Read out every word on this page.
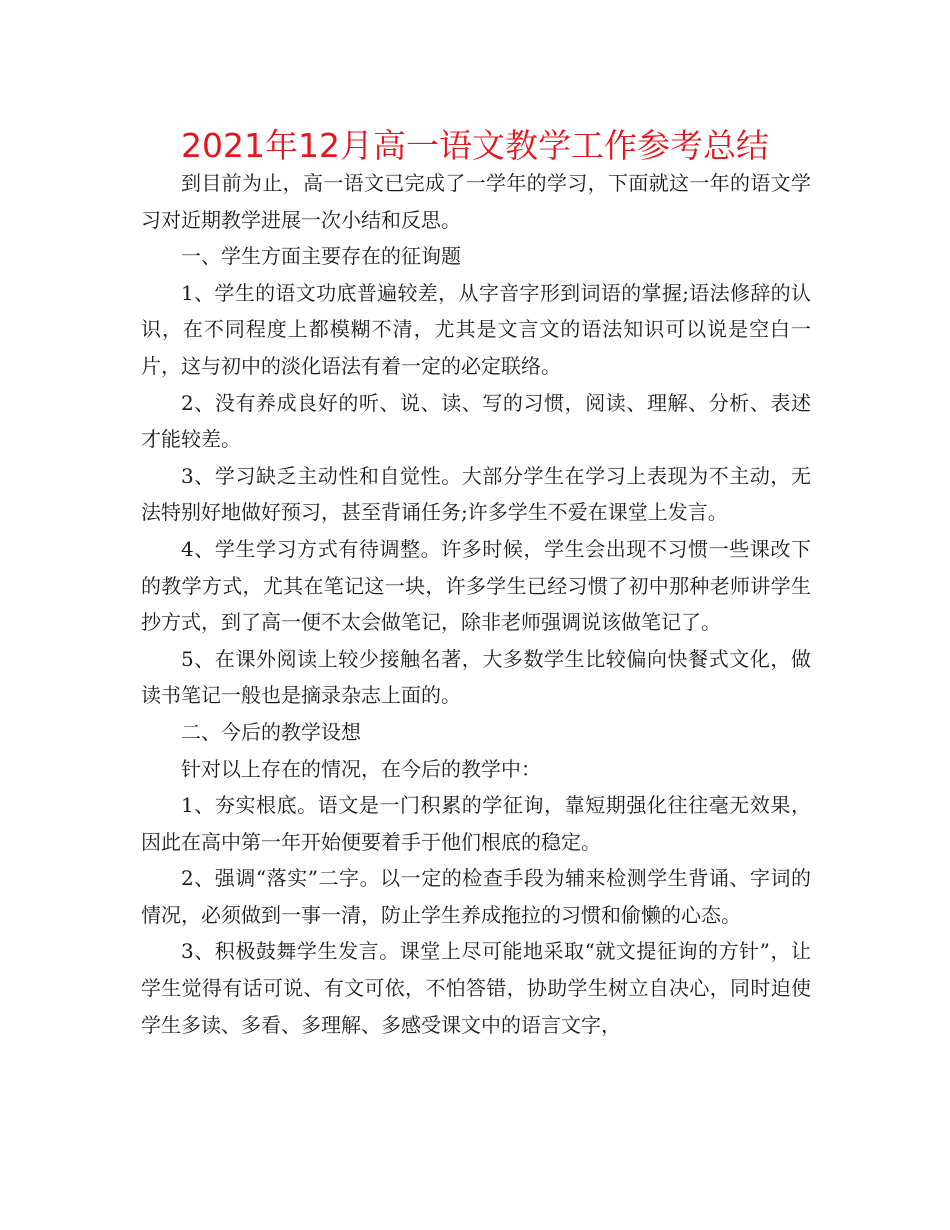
2021年12月高一语文教学工作参考总结

到目前为止，高一语文已完成了一学年的学习，下面就这一年的语文学习对近期教学进展一次小结和反思。

一、学生方面主要存在的征询题

1、学生的语文功底普遍较差，从字音字形到词语的掌握;语法修辞的认识，在不同程度上都模糊不清，尤其是文言文的语法知识可以说是空白一片，这与初中的淡化语法有着一定的必定联络。

2、没有养成良好的听、说、读、写的习惯，阅读、理解、分析、表述才能较差。

3、学习缺乏主动性和自觉性。大部分学生在学习上表现为不主动，无法特别好地做好预习，甚至背诵任务;许多学生不爱在课堂上发言。

4、学生学习方式有待调整。许多时候，学生会出现不习惯一些课改下的教学方式，尤其在笔记这一块，许多学生已经习惯了初中那种老师讲学生抄方式，到了高一便不太会做笔记，除非老师强调说该做笔记了。

5、在课外阅读上较少接触名著，大多数学生比较偏向快餐式文化，做读书笔记一般也是摘录杂志上面的。

二、今后的教学设想

针对以上存在的情况，在今后的教学中：

1、夯实根底。语文是一门积累的学征询，靠短期强化往往毫无效果，因此在高中第一年开始便要着手于他们根底的稳定。

2、强调“落实”二字。以一定的检查手段为辅来检测学生背诵、字词的情况，必须做到一事一清，防止学生养成拖拉的习惯和偷懒的心态。

3、积极鼓舞学生发言。课堂上尽可能地采取“就文提征询的方针”，让学生觉得有话可说、有文可依，不怕答错，协助学生树立自决心，同时迫使学生多读、多看、多理解、多感受课文中的语言文字，
